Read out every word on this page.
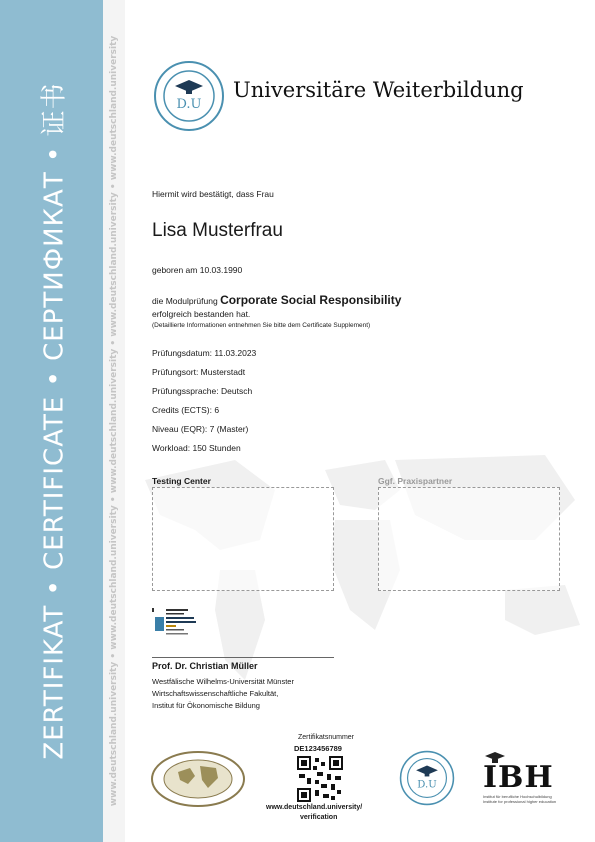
ZERTIFIKAT • CERTIFICATE • СЕРТИФИКАТ • 证书	www.deutschland.university • www.deutschland.university • www.deutschland.university • www.deutschland.university • www.deutschland.university	D.U
Universitäre Weiterbildung
Hiermit wird bestätigt, dass Frau
Lisa Musterfrau
geboren am 10.03.1990
die Modulprüfung Corporate Social Responsibility
erfolgreich bestanden hat.
(Detaillierte Informationen entnehmen Sie bitte dem Certificate Supplement)
Prüfungsdatum: 11.03.2023
Prüfungsort: Musterstadt
Prüfungssprache: Deutsch
Credits (ECTS): 6
Niveau (EQR): 7 (Master)
Workload: 150 Stunden
Testing Center	Ggf. Praxispartner
Prof. Dr. Christian Müller
Westfälische Wilhelms-Universität Münster
Wirtschaftswissenschaftliche Fakultät,
Institut für Ökonomische Bildung
Zertifikatsnummer
DE123456789
www.deutschland.university/
verification
D.U IBH
Institut für berufliche Hochschulbildung
Institute for professional higher education
